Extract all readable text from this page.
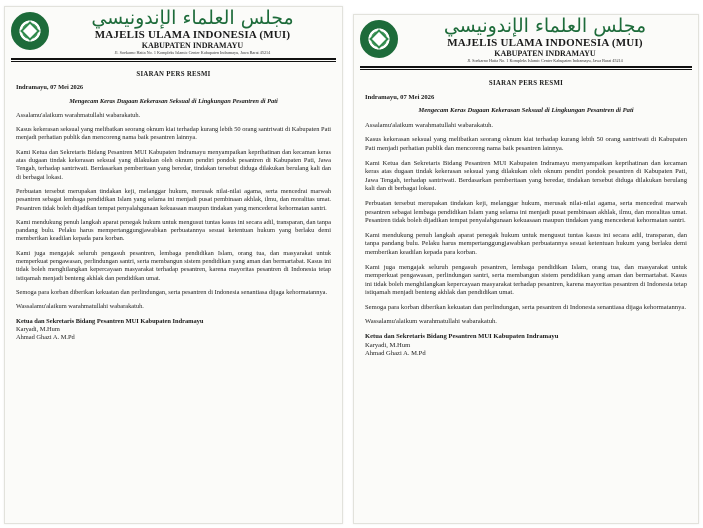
مجلس العلماء الإندونيسي
MAJELIS ULAMA INDONESIA (MUI)
KABUPATEN INDRAMAYU
Jl. Soekarno Hatta No. 1 Kompleks Islamic Center Kabupaten Indramayu, Jawa Barat 45214
SIARAN PERS RESMI
Indramayu, 07 Mei 2026
Mengecam Keras Dugaan Kekerasan Seksual di Lingkungan Pesantren di Pati
Assalamu'alaikum warahmatullahi wabarakatuh.
Kasus kekerasan seksual yang melibatkan seorang oknum kiai terhadap kurang lebih 50 orang santriwati di Kabupaten Pati menjadi perhatian publik dan mencoreng nama baik pesantren lainnya.
Kami Ketua dan Sekretaris Bidang Pesantren MUI Kabupaten Indramayu menyampaikan keprihatinan dan kecaman keras atas dugaan tindak kekerasan seksual yang dilakukan oleh oknum pendiri pondok pesantren di Kabupaten Pati, Jawa Tengah, terhadap santriwati. Berdasarkan pemberitaan yang beredar, tindakan tersebut diduga dilakukan berulang kali dan di berbagai lokasi.
Perbuatan tersebut merupakan tindakan keji, melanggar hukum, merusak nilai-nilai agama, serta mencedrai marwah pesantren sebagai lembaga pendidikan Islam yang selama ini menjadi pusat pembinaan akhlak, ilmu, dan moralitas umat. Pesantren tidak boleh dijadikan tempat penyalahgunaan kekuasaan maupun tindakan yang mencederai kehormatan santri.
Kami mendukung penuh langkah aparat penegak hukum untuk mengusut tuntas kasus ini secara adil, transparan, dan tanpa pandang bulu. Pelaku harus mempertanggungjawabkan perbuatannya sesuai ketentuan hukum yang berlaku demi memberikan keadilan kepada para korban.
Kami juga mengajak seluruh pengasuh pesantren, lembaga pendidikan Islam, orang tua, dan masyarakat untuk memperkuat pengawasan, perlindungan santri, serta membangun sistem pendidikan yang aman dan bermartabat. Kasus ini tidak boleh menghilangkan kepercayaan masyarakat terhadap pesantren, karena mayoritas pesantren di Indonesia tetap istiqamah menjadi benteng akhlak dan pendidikan umat.
Semoga para korban diberikan kekuatan dan perlindungan, serta pesantren di Indonesia senantiasa dijaga kehormatannya.
Wassalamu'alaikum warahmatullahi wabarakatuh.
Ketua dan Sekretaris Bidang Pesantren MUI Kabupaten Indramayu
Karyadi, M.Hum
Ahmad Ghazi A. M.Pd
مجلس العلماء الإندونيسي
MAJELIS ULAMA INDONESIA (MUI)
KABUPATEN INDRAMAYU
Jl. Soekarno Hatta No. 1 Kompleks Islamic Center Kabupaten Indramayu, Jawa Barat 45214
SIARAN PERS RESMI
Indramayu, 07 Mei 2026
Mengecam Keras Dugaan Kekerasan Seksual di Lingkungan Pesantren di Pati
Assalamu'alaikum warahmatullahi wabarakatuh.
Kasus kekerasan seksual yang melibatkan seorang oknum kiai terhadap kurang lebih 50 orang santriwati di Kabupaten Pati menjadi perhatian publik dan mencoreng nama baik pesantren lainnya.
Kami Ketua dan Sekretaris Bidang Pesantren MUI Kabupaten Indramayu menyampaikan keprihatinan dan kecaman keras atas dugaan tindak kekerasan seksual yang dilakukan oleh oknum pendiri pondok pesantren di Kabupaten Pati, Jawa Tengah, terhadap santriwati. Berdasarkan pemberitaan yang beredar, tindakan tersebut diduga dilakukan berulang kali dan di berbagai lokasi.
Perbuatan tersebut merupakan tindakan keji, melanggar hukum, merusak nilai-nilai agama, serta mencedrai marwah pesantren sebagai lembaga pendidikan Islam yang selama ini menjadi pusat pembinaan akhlak, ilmu, dan moralitas umat. Pesantren tidak boleh dijadikan tempat penyalahgunaan kekuasaan maupun tindakan yang mencederai kehormatan santri.
Kami mendukung penuh langkah aparat penegak hukum untuk mengusut tuntas kasus ini secara adil, transparan, dan tanpa pandang bulu. Pelaku harus mempertanggungjawabkan perbuatannya sesuai ketentuan hukum yang berlaku demi memberikan keadilan kepada para korban.
Kami juga mengajak seluruh pengasuh pesantren, lembaga pendidikan Islam, orang tua, dan masyarakat untuk memperkuat pengawasan, perlindungan santri, serta membangun sistem pendidikan yang aman dan bermartabat. Kasus ini tidak boleh menghilangkan kepercayaan masyarakat terhadap pesantren, karena mayoritas pesantren di Indonesia tetap istiqamah menjadi benteng akhlak dan pendidikan umat.
Semoga para korban diberikan kekuatan dan perlindungan, serta pesantren di Indonesia senantiasa dijaga kehormatannya.
Wassalamu'alaikum warahmatullahi wabarakatuh.
Ketua dan Sekretaris Bidang Pesantren MUI Kabupaten Indramayu
Karyadi, M.Hum
Ahmad Ghazi A. M.Pd
